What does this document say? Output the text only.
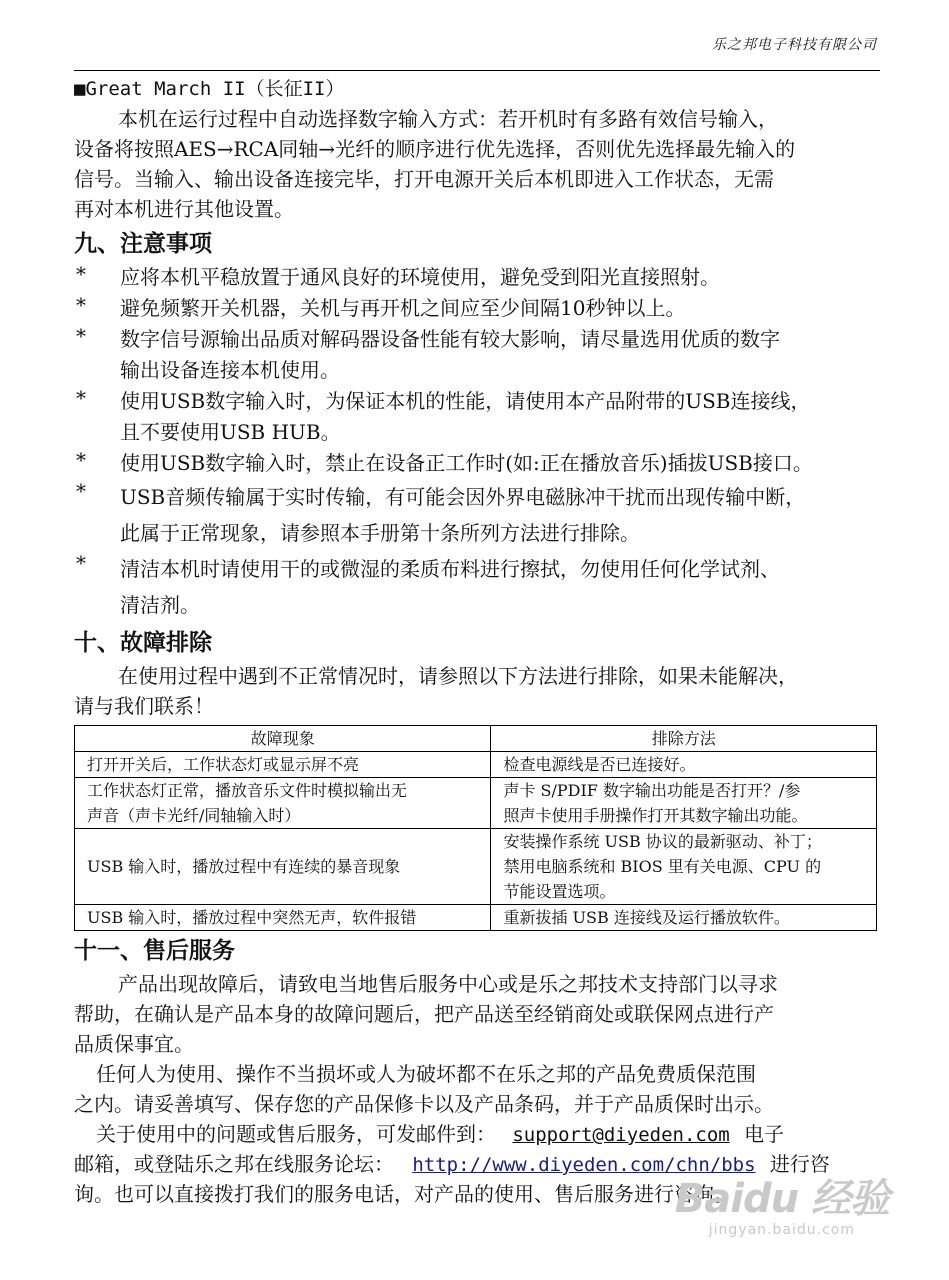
乐之邦电子科技有限公司
■Great March II（长征II）
本机在运行过程中自动选择数字输入方式：若开机时有多路有效信号输入，
设备将按照AES→RCA同轴→光纤的顺序进行优先选择，否则优先选择最先输入的
信号。当输入、输出设备连接完毕，打开电源开关后本机即进入工作状态，无需
再对本机进行其他设置。
九、注意事项
* 应将本机平稳放置于通风良好的环境使用，避免受到阳光直接照射。
* 避免频繁开关机器，关机与再开机之间应至少间隔10秒钟以上。
* 数字信号源输出品质对解码器设备性能有较大影响，请尽量选用优质的数字
输出设备连接本机使用。
* 使用USB数字输入时，为保证本机的性能，请使用本产品附带的USB连接线，
且不要使用USB HUB。
* 使用USB数字输入时，禁止在设备正工作时(如:正在播放音乐)插拔USB接口。
* USB音频传输属于实时传输，有可能会因外界电磁脉冲干扰而出现传输中断，
此属于正常现象，请参照本手册第十条所列方法进行排除。
* 清洁本机时请使用干的或微湿的柔质布料进行擦拭，勿使用任何化学试剂、
清洁剂。
十、故障排除
在使用过程中遇到不正常情况时，请参照以下方法进行排除，如果未能解决，
请与我们联系！
故障现象	排除方法
打开开关后，工作状态灯或显示屏不亮	检查电源线是否已连接好。
工作状态灯正常，播放音乐文件时模拟输出无
声音（声卡光纤/同轴输入时）	声卡 S/PDIF 数字输出功能是否打开？/参
照声卡使用手册操作打开其数字输出功能。
USB 输入时，播放过程中有连续的暴音现象	安装操作系统 USB 协议的最新驱动、补丁；
禁用电脑系统和 BIOS 里有关电源、CPU 的
节能设置选项。
USB 输入时，播放过程中突然无声，软件报错	重新拔插 USB 连接线及运行播放软件。
十一、售后服务
产品出现故障后，请致电当地售后服务中心或是乐之邦技术支持部门以寻求
帮助，在确认是产品本身的故障问题后，把产品送至经销商处或联保网点进行产
品质保事宜。
任何人为使用、操作不当损坏或人为破坏都不在乐之邦的产品免费质保范围
之内。请妥善填写、保存您的产品保修卡以及产品条码，并于产品质保时出示。
关于使用中的问题或售后服务，可发邮件到： support@diyeden.com 电子
邮箱，或登陆乐之邦在线服务论坛： http://www.diyeden.com/chn/bbs 进行咨
询。也可以直接拨打我们的服务电话，对产品的使用、售后服务进行咨询。
Baidu 经验
jingyan.baidu.com
